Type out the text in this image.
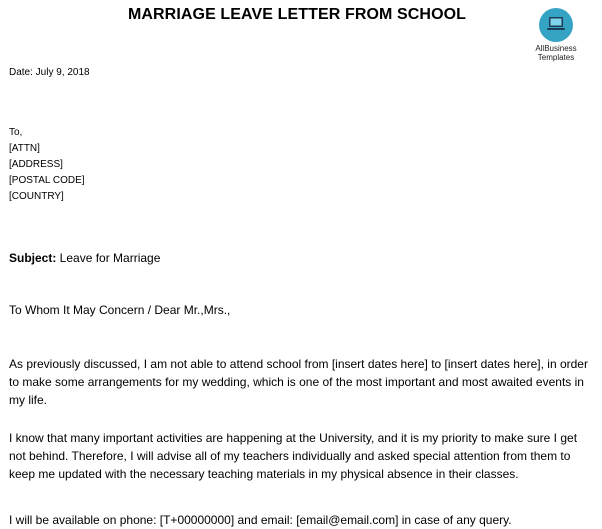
MARRIAGE LEAVE LETTER FROM SCHOOL
AllBusiness
Templates
Date: July 9, 2018
To,
[ATTN]
[ADDRESS]
[POSTAL CODE]
[COUNTRY]
Subject: Leave for Marriage
To Whom It May Concern / Dear Mr.,Mrs.,
As previously discussed, I am not able to attend school from [insert dates here] to [insert dates here], in order to make some arrangements for my wedding, which is one of the most important and most awaited events in my life.
I know that many important activities are happening at the University, and it is my priority to make sure I get not behind. Therefore, I will advise all of my teachers individually and asked special attention from them to keep me updated with the necessary teaching materials in my physical absence in their classes.
I will be available on phone: [T+00000000] and email: [email@email.com] in case of any query.
